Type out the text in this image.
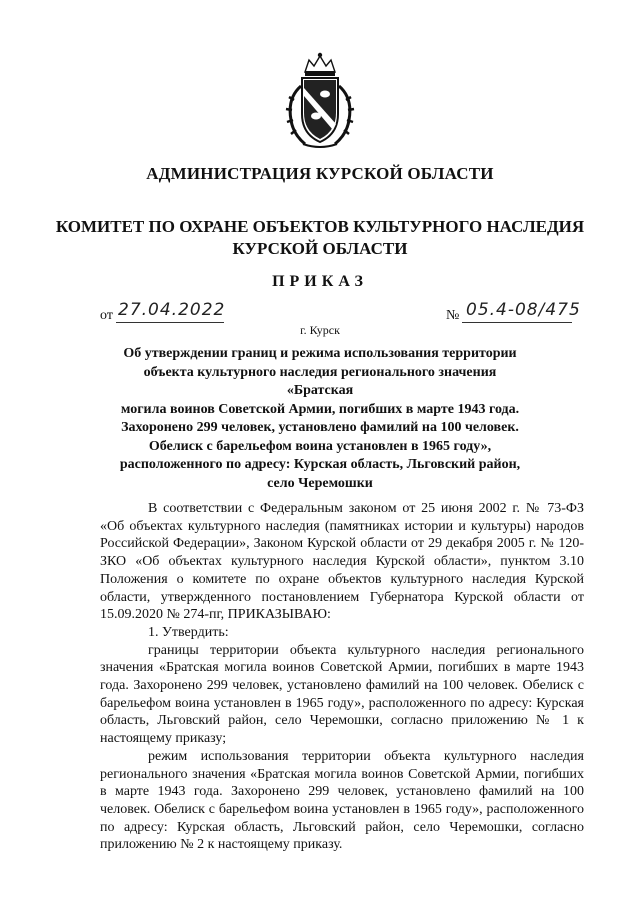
АДМИНИСТРАЦИЯ КУРСКОЙ ОБЛАСТИ
КОМИТЕТ ПО ОХРАНЕ ОБЪЕКТОВ КУЛЬТУРНОГО НАСЛЕДИЯ
КУРСКОЙ ОБЛАСТИ
ПРИКАЗ
от 27.04.2022	№ 05.4-08/475
г. Курск
Об утверждении границ и режима использования территории
объекта культурного наследия регионального значения «Братская
могила воинов Советской Армии, погибших в марте 1943 года.
Захоронено 299 человек, установлено фамилий на 100 человек.
Обелиск с барельефом воина установлен в 1965 году»,
расположенного по адресу: Курская область, Льговский район,
село Черемошки

В соответствии с Федеральным законом от 25 июня 2002 г. № 73-ФЗ «Об объектах культурного наследия (памятниках истории и культуры) народов Российской Федерации», Законом Курской области от 29 декабря 2005 г. № 120-ЗКО «Об объектах культурного наследия Курской области», пунктом 3.10 Положения о комитете по охране объектов культурного наследия Курской области, утвержденного постановлением Губернатора Курской области от 15.09.2020 № 274-пг, ПРИКАЗЫВАЮ:

1. Утвердить:

границы территории объекта культурного наследия регионального значения «Братская могила воинов Советской Армии, погибших в марте 1943 года. Захоронено 299 человек, установлено фамилий на 100 человек. Обелиск с барельефом воина установлен в 1965 году», расположенного по адресу: Курская область, Льговский район, село Черемошки, согласно приложению № 1 к настоящему приказу;

режим использования территории объекта культурного наследия регионального значения «Братская могила воинов Советской Армии, погибших в марте 1943 года. Захоронено 299 человек, установлено фамилий на 100 человек. Обелиск с барельефом воина установлен в 1965 году», расположенного по адресу: Курская область, Льговский район, село Черемошки, согласно приложению № 2 к настоящему приказу.
